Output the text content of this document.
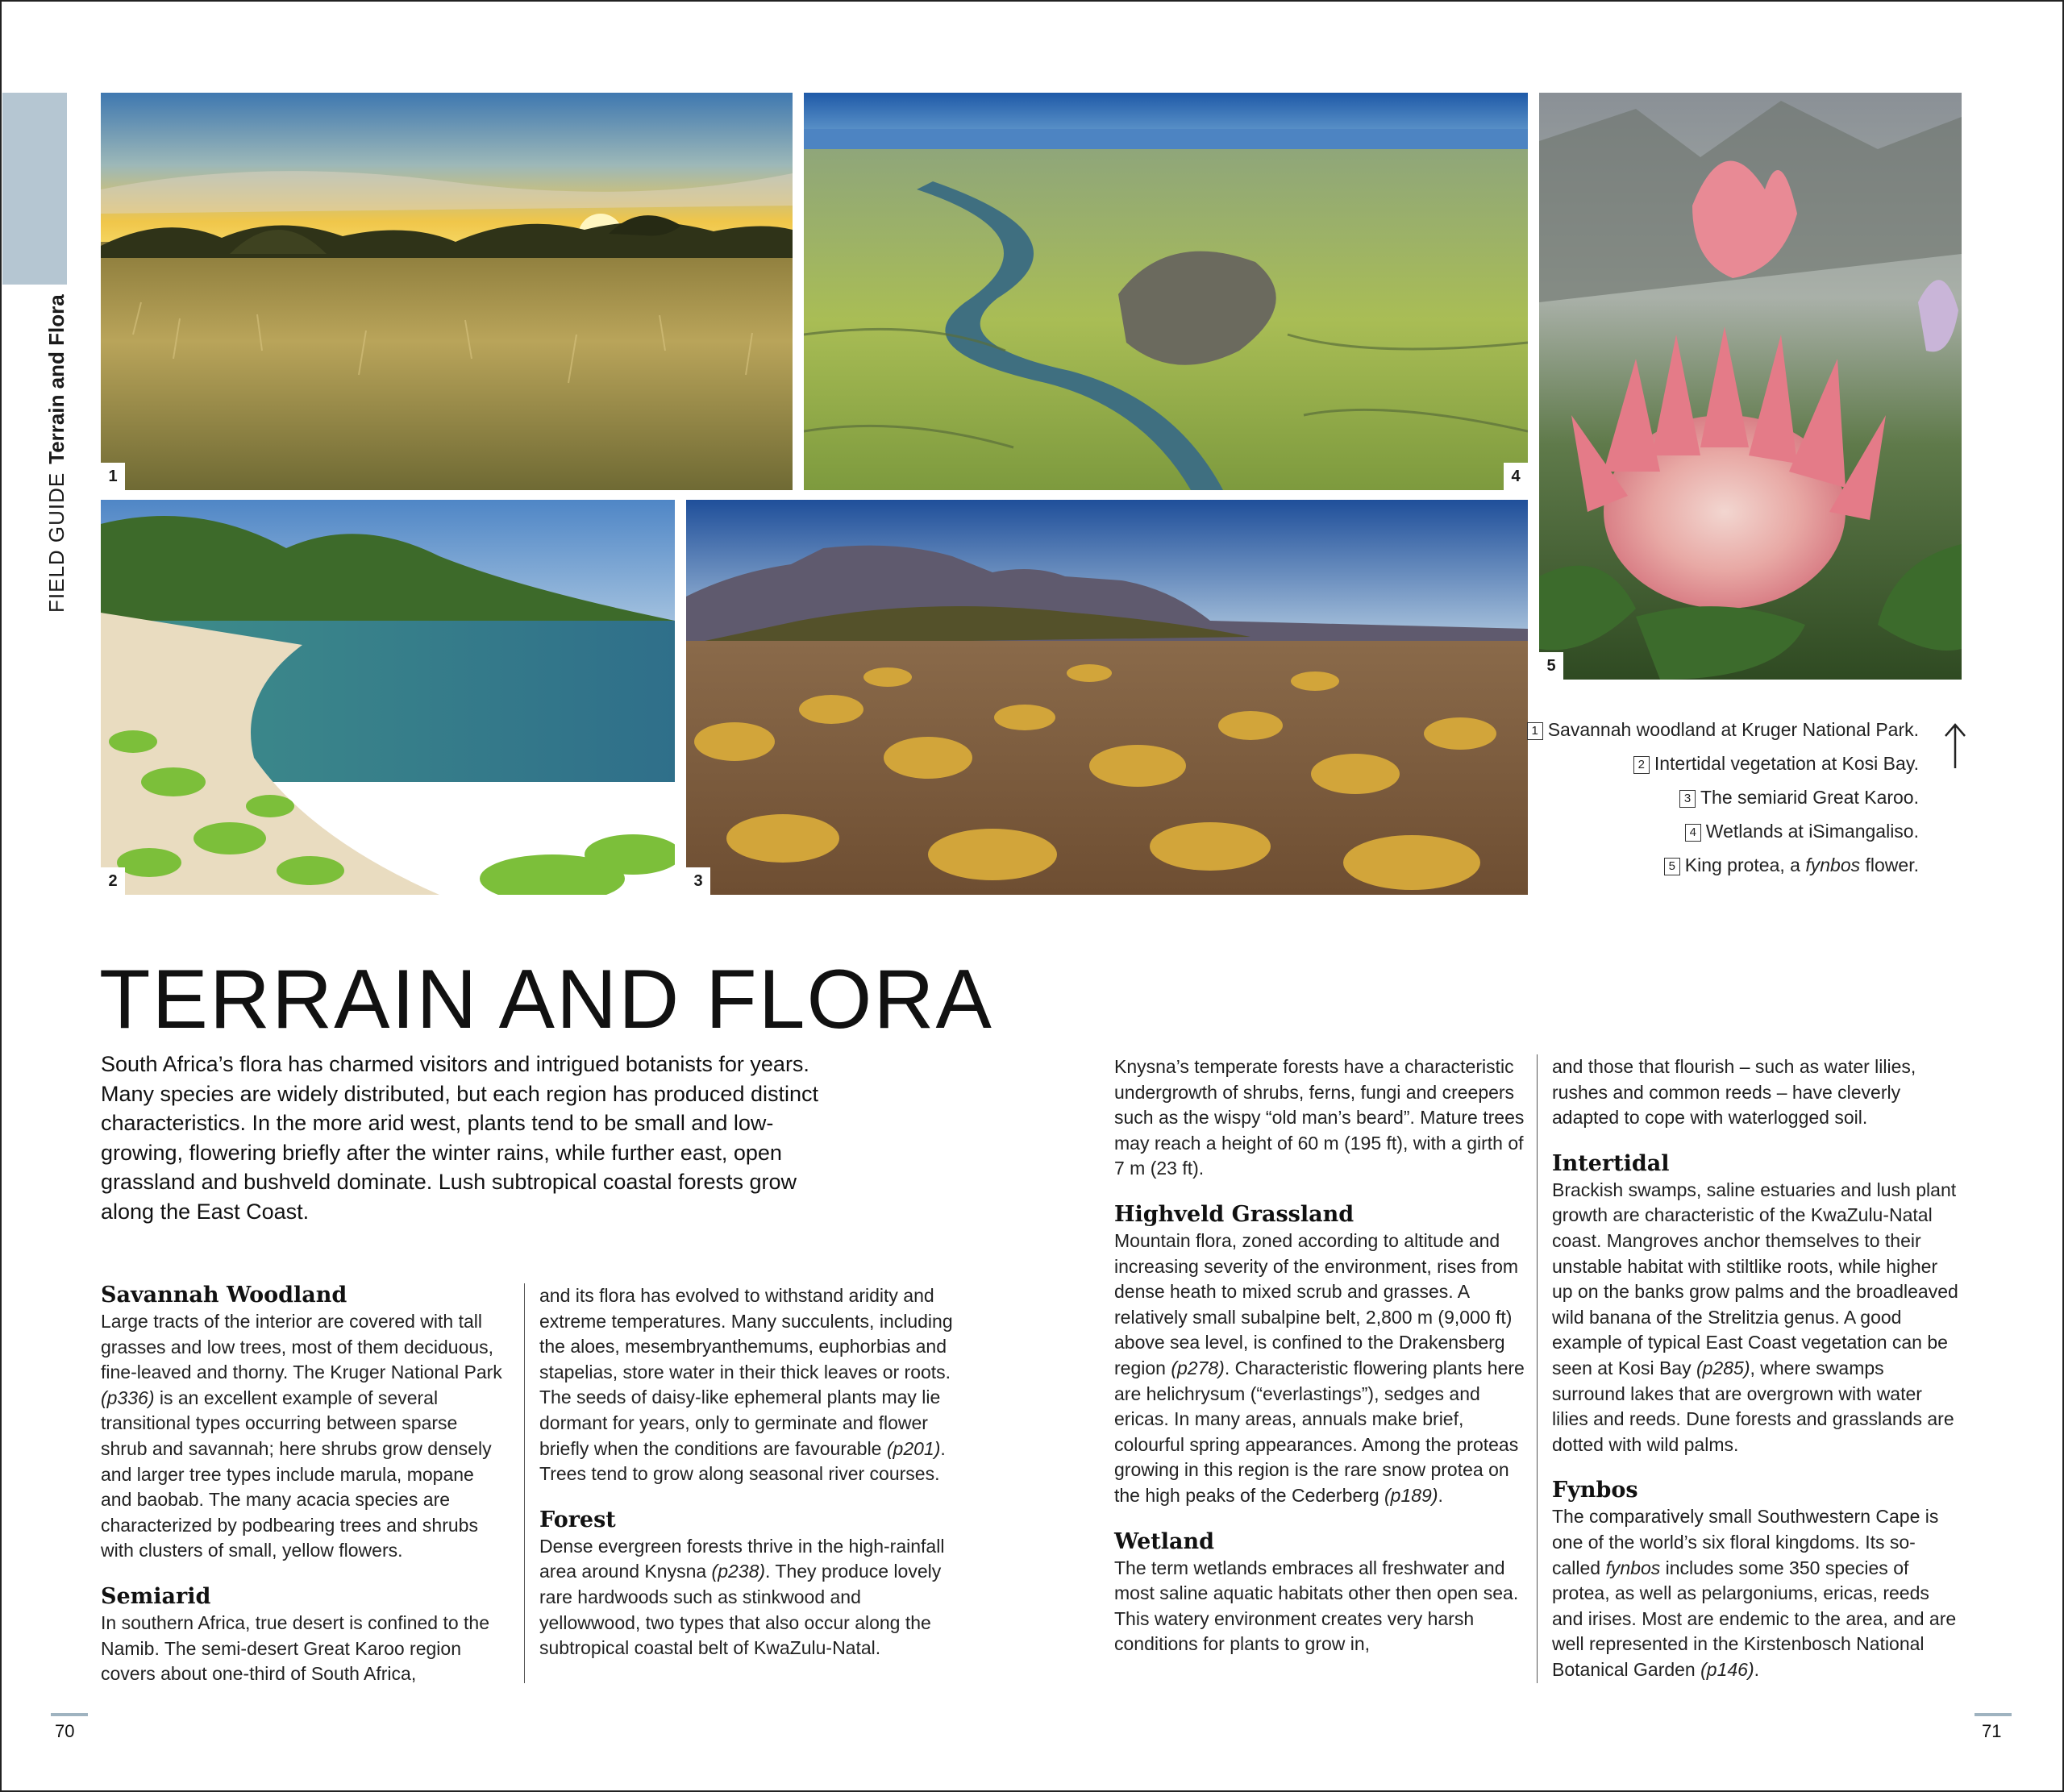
FIELD GUIDETerrain and Flora
1	4
5
2	3
1 Savannah woodland at Kruger National Park.
2 Intertidal vegetation at Kosi Bay.
3 The semiarid Great Karoo.
4 Wetlands at iSimangaliso.
5 King protea, a fynbos flower.
TERRAIN AND FLORA

South Africa’s flora has charmed visitors and intrigued botanists for years. Many species are widely distributed, but each region has produced distinct characteristics. In the more arid west, plants tend to be small and low-growing, flowering briefly after the winter rains, while further east, open grassland and bushveld dominate. Lush subtropical coastal forests grow along the East Coast.

Savannah Woodland

Large tracts of the interior are covered with tall grasses and low trees, most of them deciduous, fine-leaved and thorny. The Kruger National Park (p336) is an excellent example of several transitional types occurring between sparse shrub and savannah; here shrubs grow densely and larger tree types include marula, mopane and baobab. The many acacia species are characterized by podbearing trees and shrubs with clusters of small, yellow flowers.

Semiarid

In southern Africa, true desert is confined to the Namib. The semi-desert Great Karoo region covers about one-third of South Africa,

and its flora has evolved to withstand aridity and extreme temperatures. Many succulents, including the aloes, mesembryanthemums, euphorbias and stapelias, store water in their thick leaves or roots. The seeds of daisy-like ephemeral plants may lie dormant for years, only to germinate and flower briefly when the conditions are favourable (p201). Trees tend to grow along seasonal river courses.

Forest

Dense evergreen forests thrive in the high-rainfall area around Knysna (p238). They produce lovely rare hardwoods such as stinkwood and yellowwood, two types that also occur along the subtropical coastal belt of KwaZulu-Natal.

Knysna’s temperate forests have a characteristic undergrowth of shrubs, ferns, fungi and creepers such as the wispy “old man’s beard”. Mature trees may reach a height of 60 m (195 ft), with a girth of 7 m (23 ft).

Highveld Grassland

Mountain flora, zoned according to altitude and increasing severity of the environment, rises from dense heath to mixed scrub and grasses. A relatively small subalpine belt, 2,800 m (9,000 ft) above sea level, is confined to the Drakensberg region (p278). Characteristic flowering plants here are helichrysum (“everlastings”), sedges and ericas. In many areas, annuals make brief, colourful spring appearances. Among the proteas growing in this region is the rare snow protea on the high peaks of the Cederberg (p189).

Wetland

The term wetlands embraces all freshwater and most saline aquatic habitats other then open sea. This watery environment creates very harsh conditions for plants to grow in,

and those that flourish – such as water lilies, rushes and common reeds – have cleverly adapted to cope with waterlogged soil.

Intertidal

Brackish swamps, saline estuaries and lush plant growth are characteristic of the KwaZulu-Natal coast. Mangroves anchor themselves to their unstable habitat with stiltlike roots, while higher up on the banks grow palms and the broadleaved wild banana of the Strelitzia genus. A good example of typical East Coast vegetation can be seen at Kosi Bay (p285), where swamps surround lakes that are overgrown with water lilies and reeds. Dune forests and grasslands are dotted with wild palms.

Fynbos

The comparatively small Southwestern Cape is one of the world’s six floral kingdoms. Its so-called fynbos includes some 350 species of protea, as well as pelargoniums, ericas, reeds and irises. Most are endemic to the area, and are well represented in the Kirstenbosch National Botanical Garden (p146).

70	71
